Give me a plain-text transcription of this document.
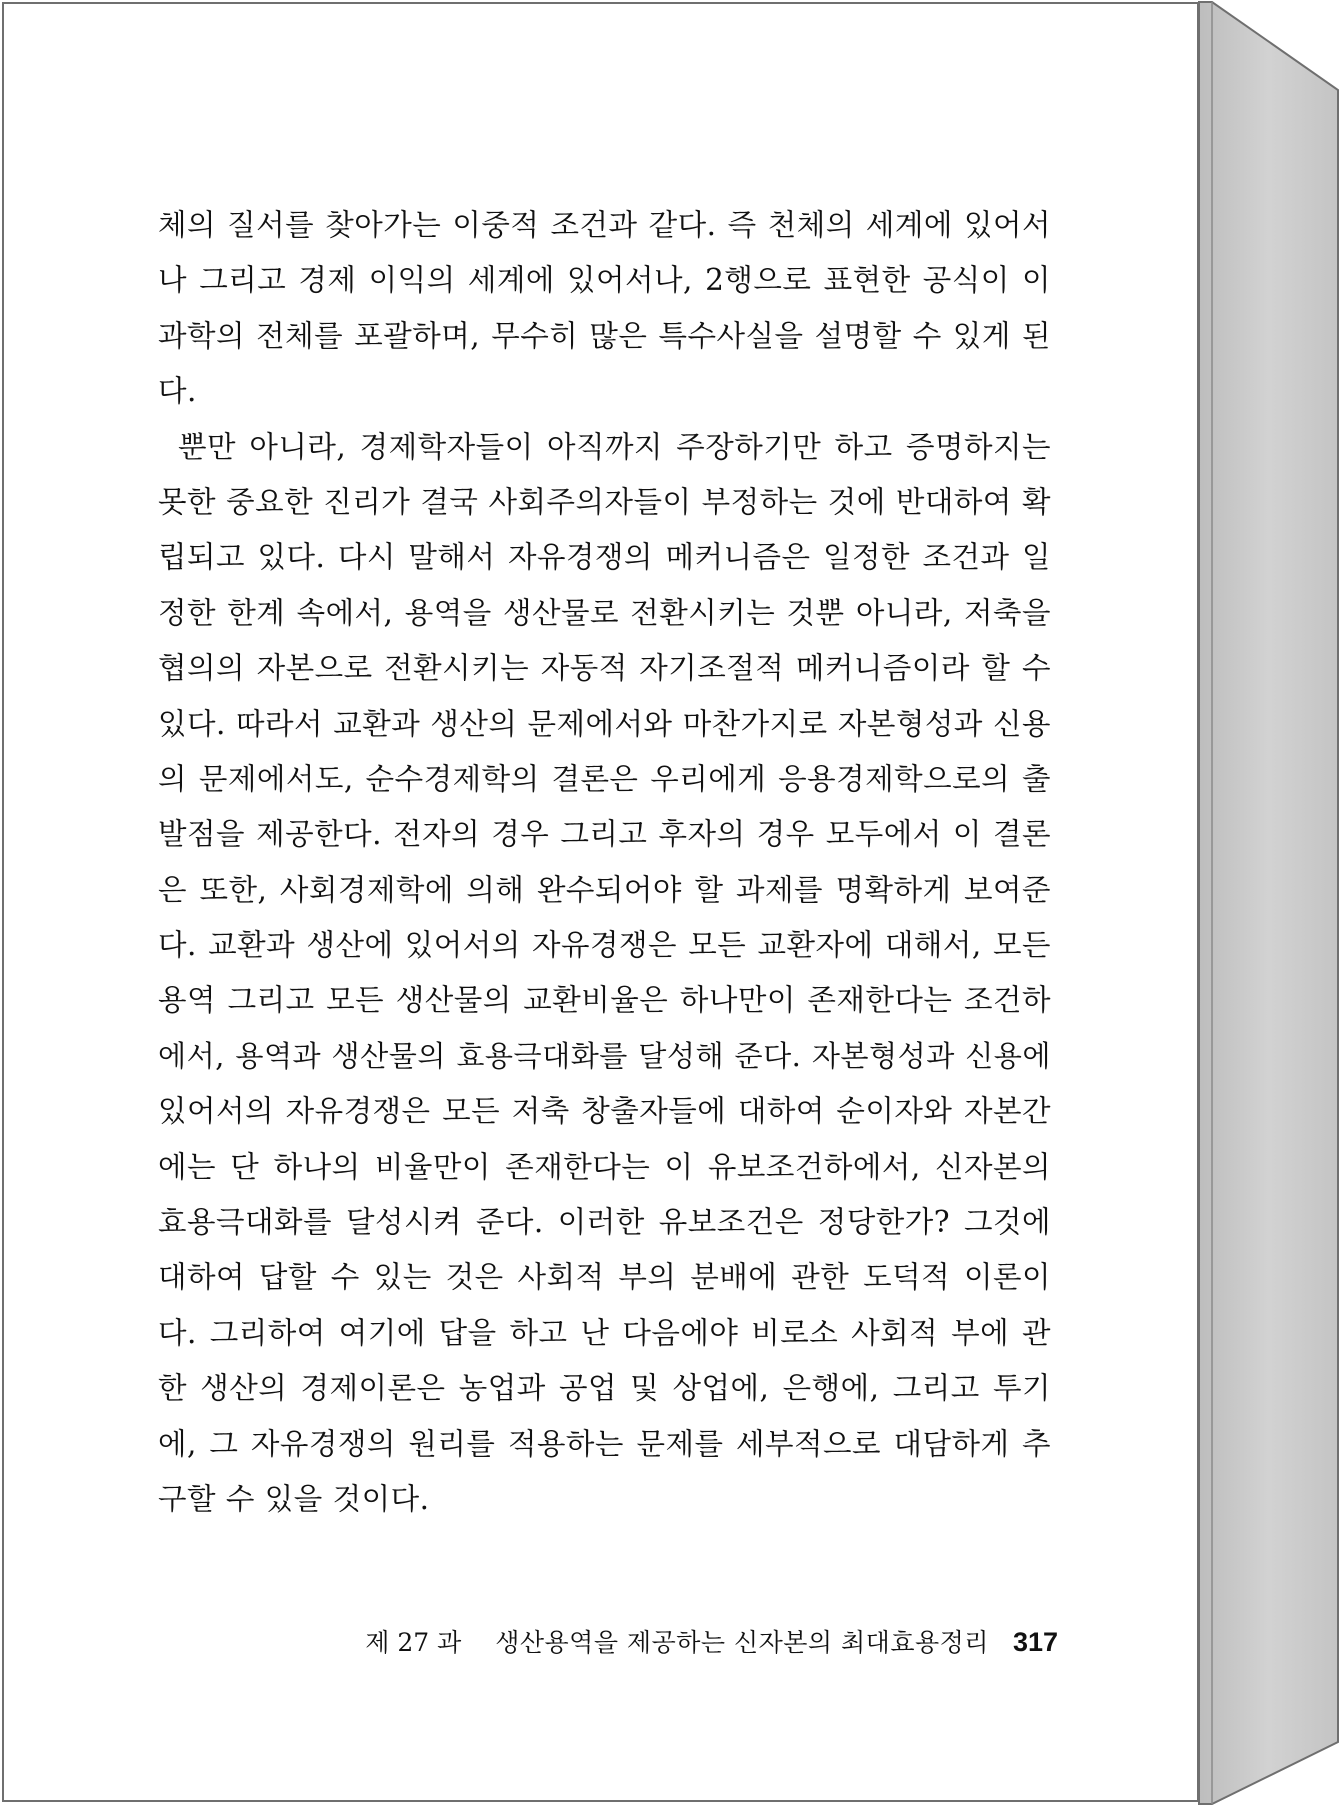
체의 질서를 찾아가는 이중적 조건과 같다. 즉 천체의 세계에 있어서
나 그리고 경제 이익의 세계에 있어서나, 2행으로 표현한 공식이 이
과학의 전체를 포괄하며, 무수히 많은 특수사실을 설명할 수 있게 된
다.
뿐만 아니라, 경제학자들이 아직까지 주장하기만 하고 증명하지는
못한 중요한 진리가 결국 사회주의자들이 부정하는 것에 반대하여 확
립되고 있다. 다시 말해서 자유경쟁의 메커니즘은 일정한 조건과 일
정한 한계 속에서, 용역을 생산물로 전환시키는 것뿐 아니라, 저축을
협의의 자본으로 전환시키는 자동적 자기조절적 메커니즘이라 할 수
있다. 따라서 교환과 생산의 문제에서와 마찬가지로 자본형성과 신용
의 문제에서도, 순수경제학의 결론은 우리에게 응용경제학으로의 출
발점을 제공한다. 전자의 경우 그리고 후자의 경우 모두에서 이 결론
은 또한, 사회경제학에 의해 완수되어야 할 과제를 명확하게 보여준
다. 교환과 생산에 있어서의 자유경쟁은 모든 교환자에 대해서, 모든
용역 그리고 모든 생산물의 교환비율은 하나만이 존재한다는 조건하
에서, 용역과 생산물의 효용극대화를 달성해 준다. 자본형성과 신용에
있어서의 자유경쟁은 모든 저축 창출자들에 대하여 순이자와 자본간
에는 단 하나의 비율만이 존재한다는 이 유보조건하에서, 신자본의
효용극대화를 달성시켜 준다. 이러한 유보조건은 정당한가? 그것에
대하여 답할 수 있는 것은 사회적 부의 분배에 관한 도덕적 이론이
다. 그리하여 여기에 답을 하고 난 다음에야 비로소 사회적 부에 관
한 생산의 경제이론은 농업과 공업 및 상업에, 은행에, 그리고 투기
에, 그 자유경쟁의 원리를 적용하는 문제를 세부적으로 대담하게 추
구할 수 있을 것이다.
제 27 과 생산용역을 제공하는 신자본의 최대효용정리 317
